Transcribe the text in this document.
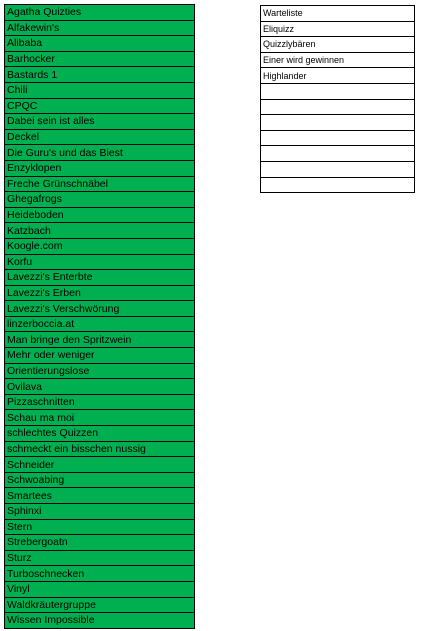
Agatha Quizties
Alfakewin's
Alibaba
Barhocker
Bastards 1
Chili
CPQC
Dabei sein ist alles
Deckel
Die Guru's und das Biest
Enzyklopen
Freche Grünschnäbel
Ghegafrogs
Heideboden
Katzbach
Koogle.com
Korfu
Lavezzi's Enterbte
Lavezzi's Erben
Lavezzi's Verschwörung
linzerboccia.at
Man bringe den Spritzwein
Mehr oder weniger
Orientierungslose
Ovilava
Pizzaschnitten
Schau ma moi
schlechtes Quizzen
schmeckt ein bisschen nussig
Schneider
Schwoabing
Smartees
Sphinxi
Stern
Strebergoatn
Sturz
Turboschnecken
Vinyl
Waldkräutergruppe
Wissen Impossible
Warteliste
Eliquizz
Quizzlybären
Einer wird gewinnen
Highlander
